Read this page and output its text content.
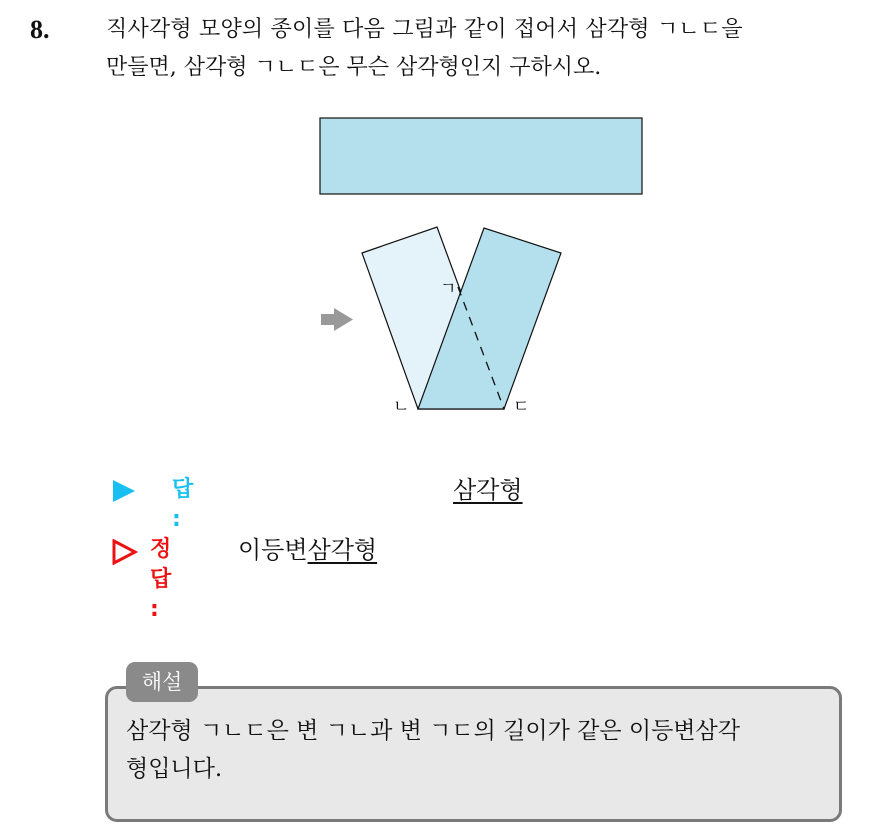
8.	직사각형 모양의 종이를 다음 그림과 같이 접어서 삼각형 ㄱㄴㄷ을
만들면, 삼각형 ㄱㄴㄷ은 무슨 삼각형인지 구하시오.
ㄱ
ㄴ	ㄷ
답 :
삼각형
정답 :
이등변삼각형
해설
삼각형 ㄱㄴㄷ은 변 ㄱㄴ과 변 ㄱㄷ의 길이가 같은 이등변삼각
형입니다.
